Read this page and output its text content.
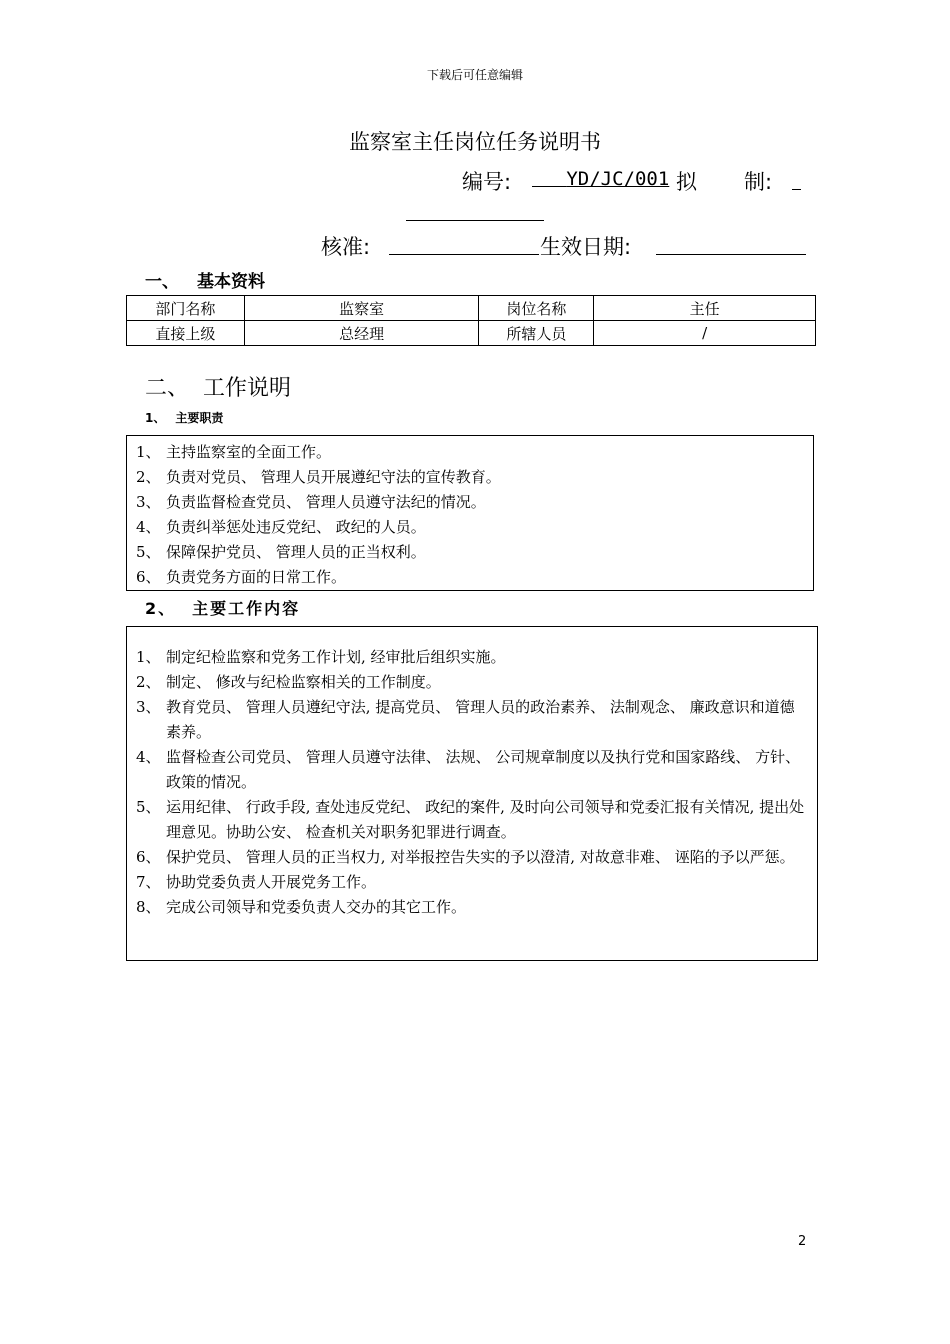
下载后可任意编辑
监察室主任岗位任务说明书
编号:	YD/JC/001 拟 制:
核准:	生效日期:
一、 基本资料
部门名称	监察室	岗位名称	主任
直接上级	总经理	所辖人员	/
二、 工作说明
1、 主要职责
1、 主持监察室的全面工作。
2、 负责对党员、 管理人员开展遵纪守法的宣传教育。
3、 负责监督检查党员、 管理人员遵守法纪的情况。
4、 负责纠举惩处违反党纪、 政纪的人员。
5、 保障保护党员、 管理人员的正当权利。
6、 负责党务方面的日常工作。
2、 主要工作内容
1、 制定纪检监察和党务工作计划, 经审批后组织实施。
2、 制定、 修改与纪检监察相关的工作制度。
3、 教育党员、 管理人员遵纪守法, 提高党员、 管理人员的政治素养、 法制观念、 廉政意识和道德素养。
4、 监督检查公司党员、 管理人员遵守法律、 法规、 公司规章制度以及执行党和国家路线、 方针、 政策的情况。
5、 运用纪律、 行政手段, 查处违反党纪、 政纪的案件, 及时向公司领导和党委汇报有关情况, 提出处理意见。协助公安、 检查机关对职务犯罪进行调查。
6、 保护党员、 管理人员的正当权力, 对举报控告失实的予以澄清, 对故意非难、 诬陷的予以严惩。
7、 协助党委负责人开展党务工作。
8、 完成公司领导和党委负责人交办的其它工作。
2
